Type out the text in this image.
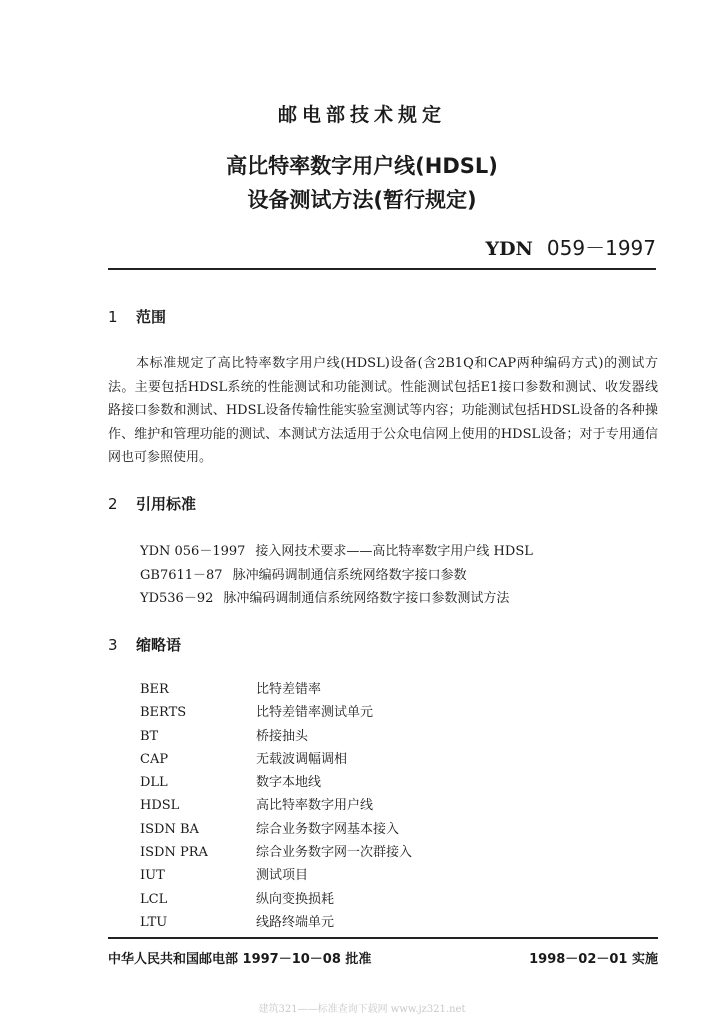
邮电部技术规定
高比特率数字用户线(HDSL)
设备测试方法(暂行规定)
YDN 059－1997
1 范围
本标准规定了高比特率数字用户线(HDSL)设备(含2B1Q和CAP两种编码方式)的测试方法。主要包括HDSL系统的性能测试和功能测试。性能测试包括E1接口参数和测试、收发器线路接口参数和测试、HDSL设备传输性能实验室测试等内容；功能测试包括HDSL设备的各种操作、维护和管理功能的测试、本测试方法适用于公众电信网上使用的HDSL设备；对于专用通信网也可参照使用。
2 引用标准
YDN 056－1997 接入网技术要求——高比特率数字用户线 HDSL
GB7611－87 脉冲编码调制通信系统网络数字接口参数
YD536－92 脉冲编码调制通信系统网络数字接口参数测试方法
3 缩略语
BER	比特差错率
BERTS	比特差错率测试单元
BT	桥接抽头
CAP	无载波调幅调相
DLL	数字本地线
HDSL	高比特率数字用户线
ISDN BA	综合业务数字网基本接入
ISDN PRA	综合业务数字网一次群接入
IUT	测试项目
LCL	纵向变换损耗
LTU	线路终端单元
中华人民共和国邮电部 1997－10－08 批准	1998－02－01 实施
建筑321——标准查询下载网 www.jz321.net
